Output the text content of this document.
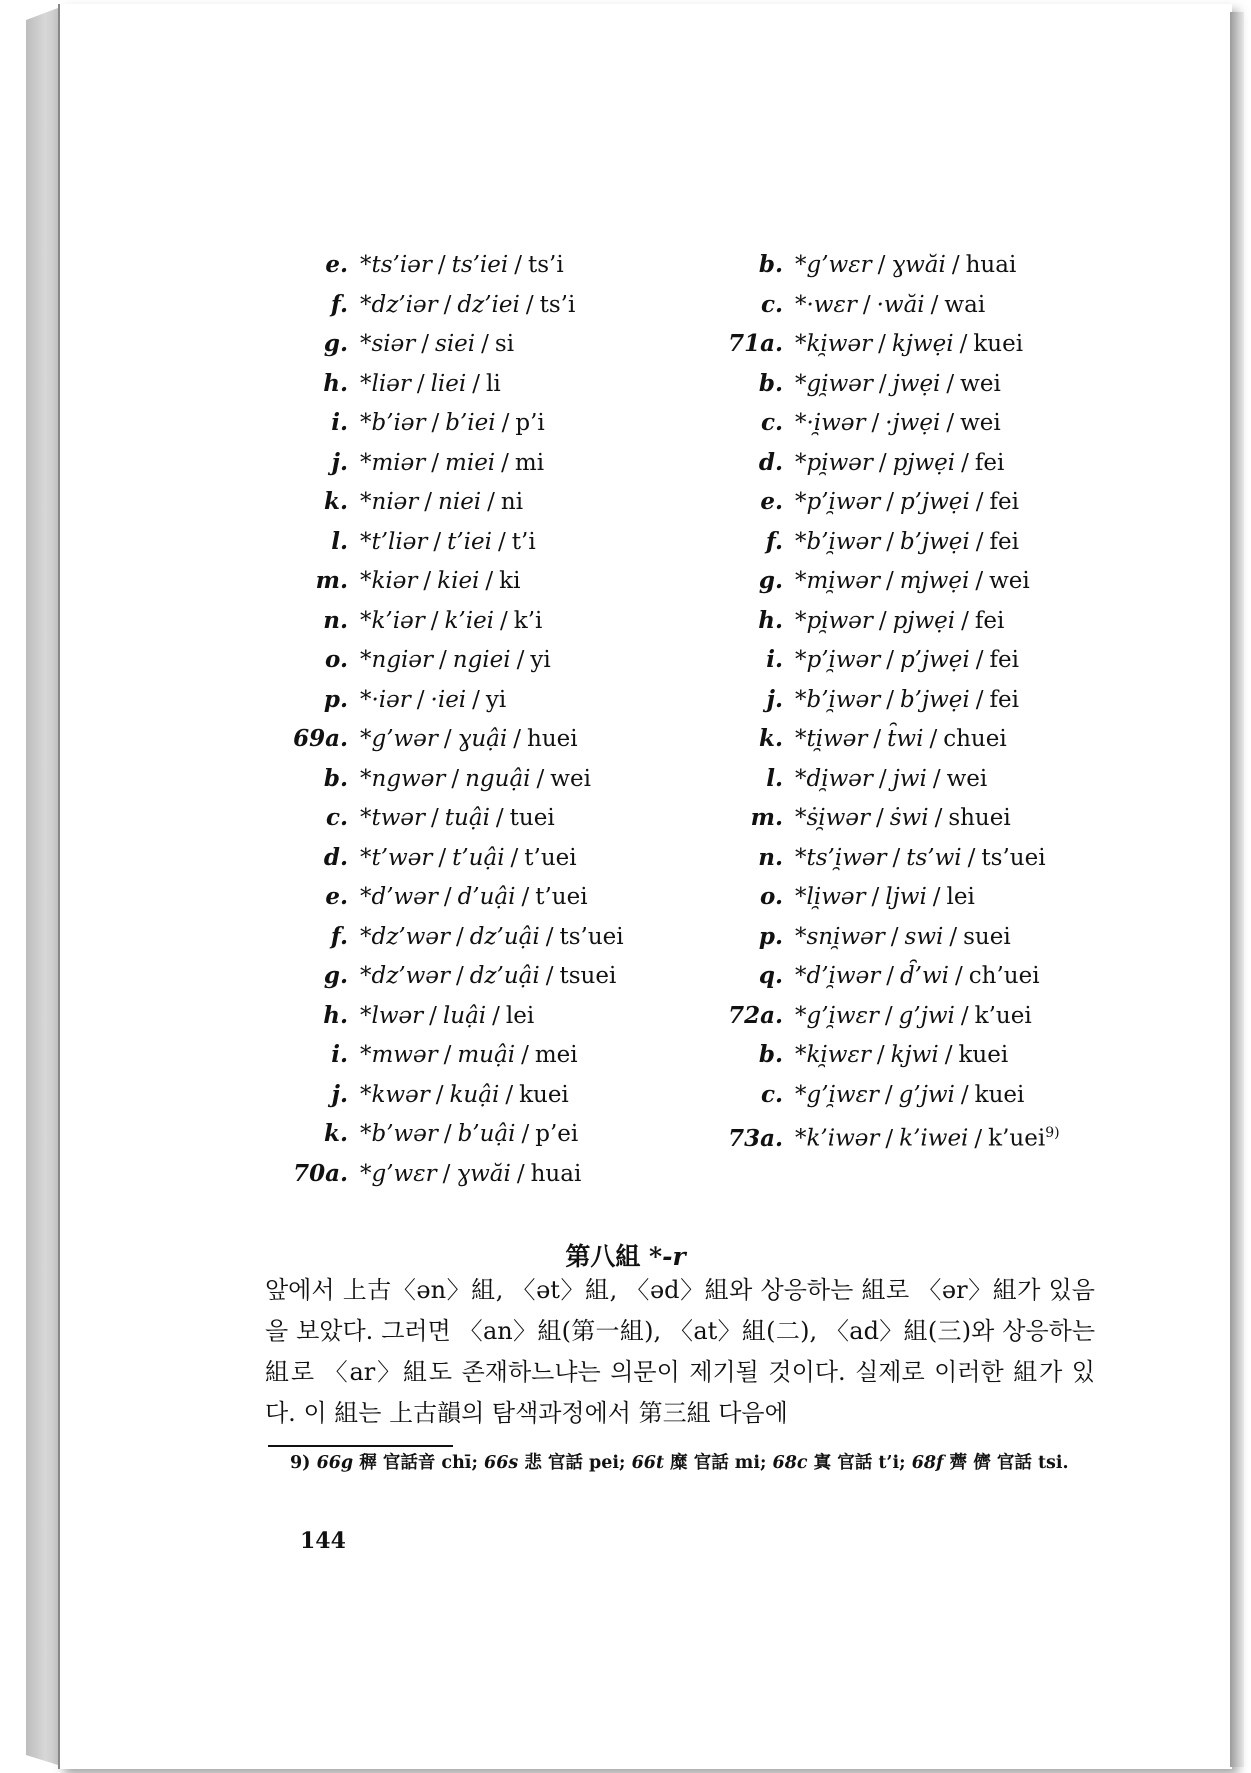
e. *ts’iər / ts’iei / ts’i
f. *dz’iər / dz’iei / ts’i
g. *siər / siei / si
h. *liər / liei / li
i. *b’iər / b’iei / p’i
j. *miər / miei / mi
k. *niər / niei / ni
l. *t’liər / t’iei / t’i
m. *kiər / kiei / ki
n. *k’iər / k’iei / k’i
o. *ngiər / ngiei / yi
p. *·iər / ·iei / yi
69a. *g’wər / ɣuậi / huei
b. *ngwər / nguậi / wei
c. *twər / tuậi / tuei
d. *t’wər / t’uậi / t’uei
e. *d’wər / d’uậi / t’uei
f. *dz’wər / dz’uậi / ts’uei
g. *dz’wər / dz’uậi / tsuei
h. *lwər / luậi / lei
i. *mwər / muậi / mei
j. *kwər / kuậi / kuei
k. *b’wər / b’uậi / p’ei
70a. *g’wɛr / ɣwăi / huai
b. *g’wɛr / ɣwăi / huai
c. *·wɛr / ·wăi / wai
71a. *ki̯wər / kjwẹi / kuei
b. *gi̯wər / jwẹi / wei
c. *·i̯wər / ·jwẹi / wei
d. *pi̯wər / pjwẹi / fei
e. *p’i̯wər / p’jwẹi / fei
f. *b’i̯wər / b’jwẹi / fei
g. *mi̯wər / mjwẹi / wei
h. *pi̯wər / pjwẹi / fei
i. *p’i̯wər / p’jwẹi / fei
j. *b’i̯wər / b’jwẹi / fei
k. *ti̯wər / t̑wi / chuei
l. *di̯wər / jwi / wei
m. *ṡi̯wər / ṡwi / shuei
n. *ts’i̯wər / ts’wi / ts’uei
o. *li̯wər / ljwi / lei
p. *sni̯wər / swi / suei
q. *d’i̯wər / d̑’wi / ch’uei
72a. *g’i̯wɛr / g’jwi / k’uei
b. *ki̯wɛr / kjwi / kuei
c. *g’i̯wɛr / g’jwi / kuei
73a. *k’iwər / k’iwei / k’uei$^{9)}$
第八組 *-r
앞에서 上古〈ən〉組, 〈ət〉組, 〈əd〉組와 상응하는 組로 〈ər〉組가 있음을 보았다. 그러면 〈an〉組(第一組), 〈at〉組(二), 〈ad〉組(三)와 상응하는 組로 〈ar〉組도 존재하느냐는 의문이 제기될 것이다. 실제로 이러한 組가 있다. 이 組는 上古韻의 탐색과정에서 第三組 다음에
9) 66g 稺 官話音 chī; 66s 悲 官話 pei; 66t 糜 官話 mi; 68c 寘 官話 t’i; 68f 薺 儕 官話 tsi.
144
